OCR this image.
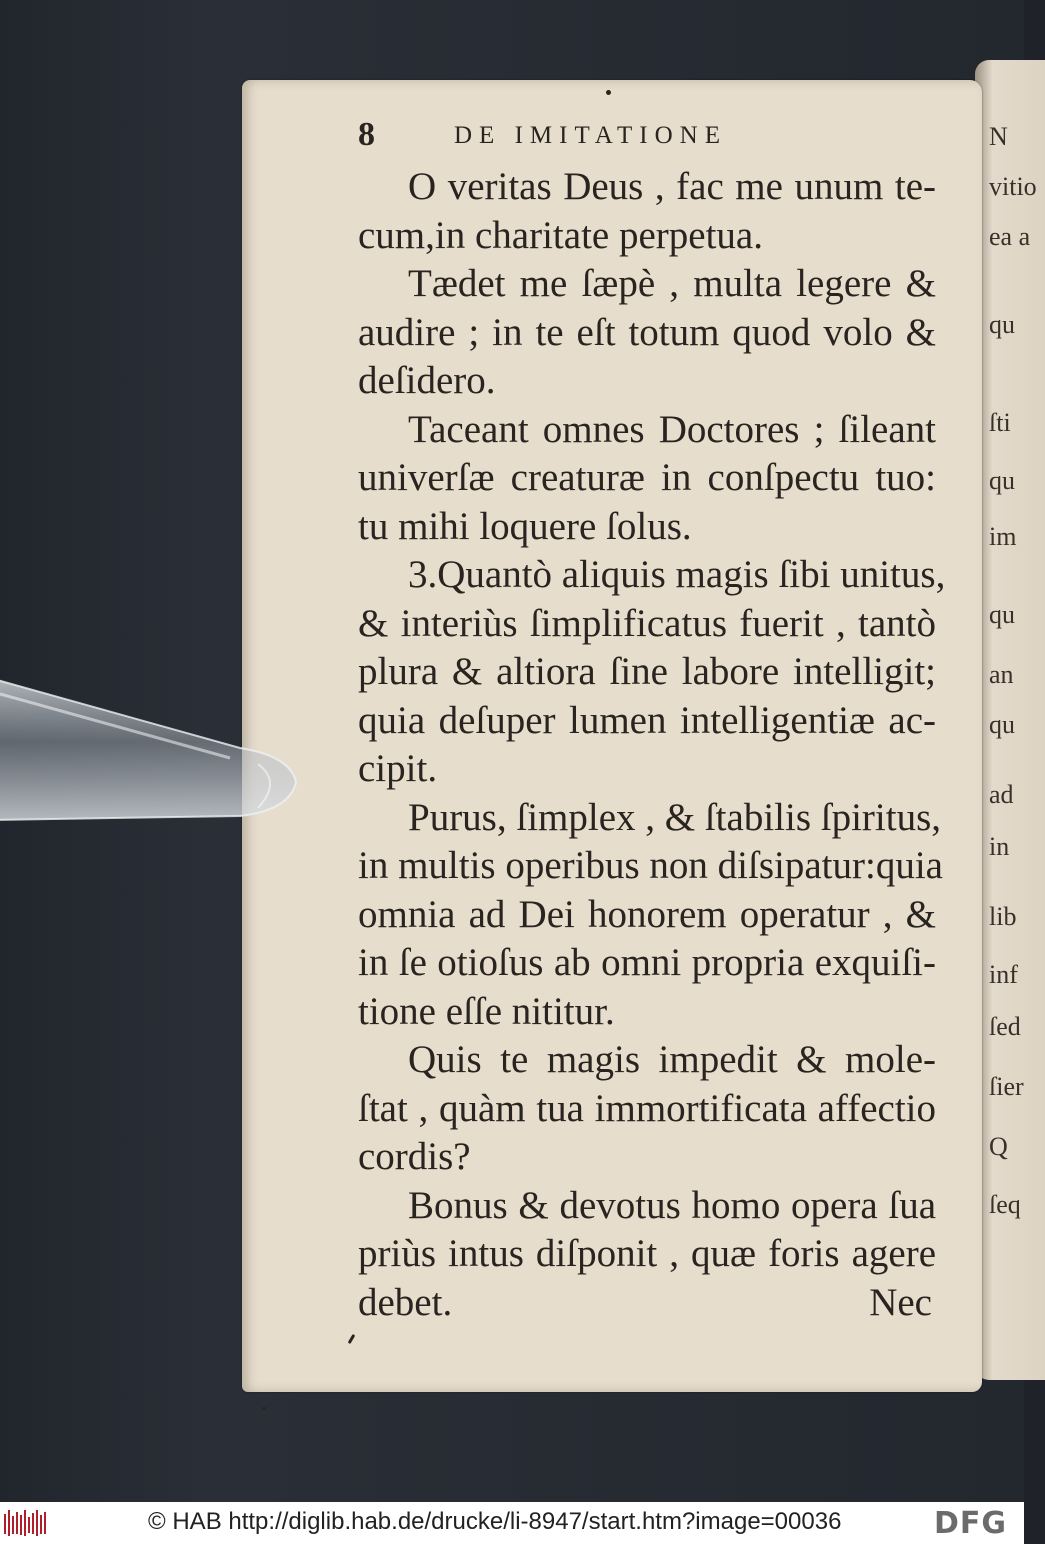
N
vitio
ea a
qu
ſti
qu
im
qu
an
qu
ad
in
lib
inf
ſed
ſier
Q
ſeq
8	DE IMITATIONE
O veritas Deus , fac me unum te-
cum,in charitate perpetua.
Tædet me ſæpè , multa legere &
audire ; in te eſt totum quod volo &
deſidero.
Taceant omnes Doctores ; ſileant
univerſæ creaturæ in conſpectu tuo:
tu mihi loquere ſolus.
3.Quantò aliquis magis ſibi unitus,
& interiùs ſimplificatus fuerit , tantò
plura & altiora ſine labore intelligit;
quia deſuper lumen intelligentiæ ac-
cipit.
Purus, ſimplex , & ſtabilis ſpiritus,
in multis operibus non diſsipatur:quia
omnia ad Dei honorem operatur , &
in ſe otioſus ab omni propria exquiſi-
tione eſſe nititur.
Quis te magis impedit & mole-
ſtat , quàm tua immortificata affectio
cordis?
Bonus & devotus homo opera ſua
priùs intus diſponit , quæ foris agere
debet.	Nec
© HAB http://diglib.hab.de/drucke/li-8947/start.htm?image=00036	DFG
